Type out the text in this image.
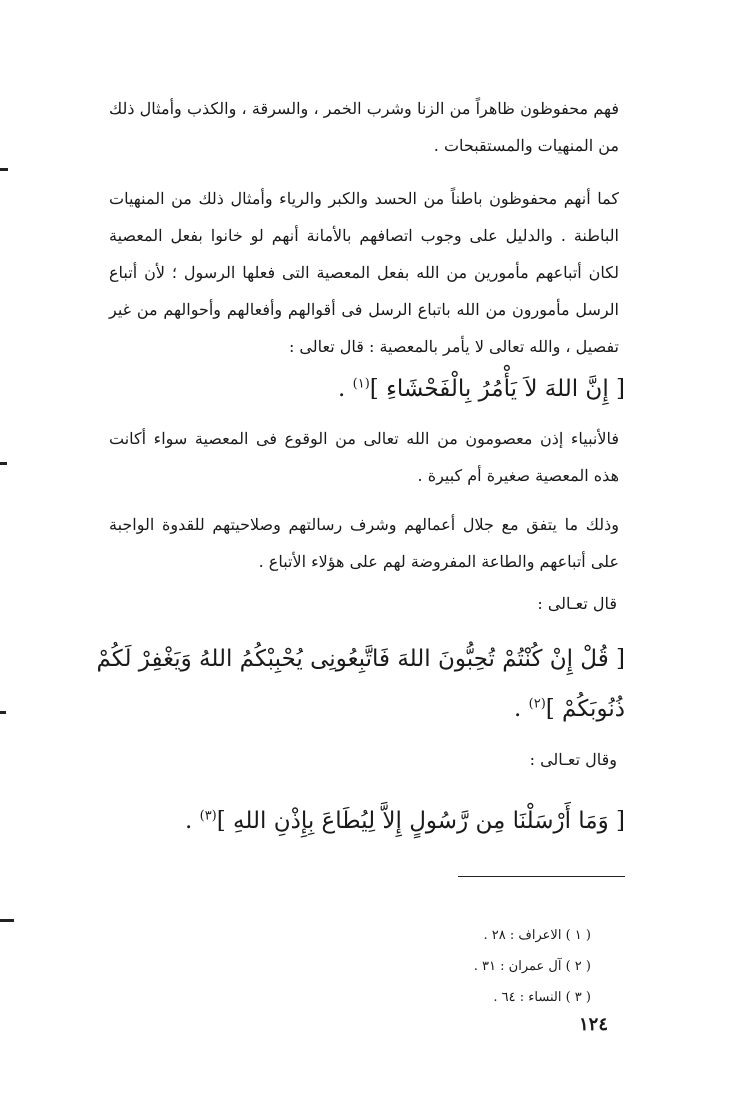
فهم محفوظون ظاهراً من الزنا وشرب الخمر ، والسرقة ، والكذب وأمثال ذلك من المنهيات والمستقبحات .

كما أنهم محفوظون باطناً من الحسد والكبر والرياء وأمثال ذلك من المنهيات الباطنة . والدليل على وجوب اتصافهم بالأمانة أنهم لو خانوا بفعل المعصية لكان أتباعهم مأمورين من الله بفعل المعصية التى فعلها الرسول ؛ لأن أتباع الرسل مأمورون من الله باتباع الرسل فى أقوالهم وأفعالهم وأحوالهم من غير تفصيل ، والله تعالى لا يأمر بالمعصية : قال تعالى :

[ إِنَّ اللهَ لاَ يَأْمُرُ بِالْفَحْشَاءِ ]$^{(١)}$ .

فالأنبياء إذن معصومون من الله تعالى من الوقوع فى المعصية سواء أكانت هذه المعصية صغيرة أم كبيرة .

وذلك ما يتفق مع جلال أعمالهم وشرف رسالتهم وصلاحيتهم للقدوة الواجبة على أتباعهم والطاعة المفروضة لهم على هؤلاء الأتباع .

قال تعـالى :
[ قُلْ إِنْ كُنْتُمْ تُحِبُّونَ اللهَ فَاتَّبِعُونِى يُحْبِبْكُمُ اللهُ وَيَغْفِرْ لَكُمْ ذُنُوبَكُمْ ]$^{(٢)}$ .
وقال تعـالى :
[ وَمَا أَرْسَلْنَا مِن رَّسُولٍ إِلاَّ لِيُطَاعَ بِإِذْنِ اللهِ ]$^{(٣)}$ .
( ١ ) الاعراف : ٢٨ .
( ٢ ) آل عمران : ٣١ .
( ٣ ) النساء : ٦٤ .
١٢٤
